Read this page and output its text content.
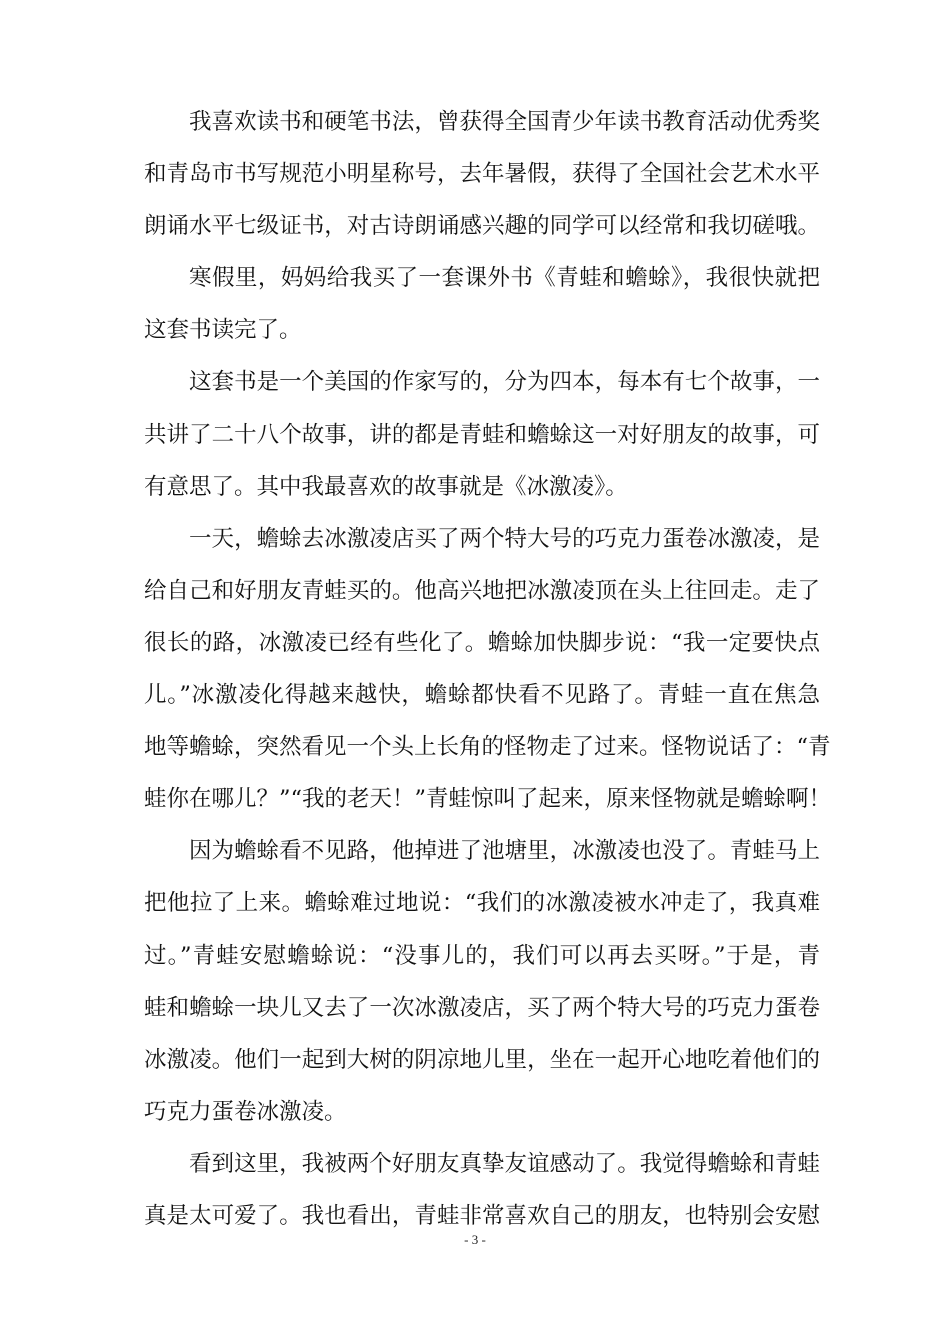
我喜欢读书和硬笔书法，曾获得全国青少年读书教育活动优秀奖
和青岛市书写规范小明星称号，去年暑假，获得了全国社会艺术水平
朗诵水平七级证书，对古诗朗诵感兴趣的同学可以经常和我切磋哦。

寒假里，妈妈给我买了一套课外书《青蛙和蟾蜍》，我很快就把
这套书读完了。

这套书是一个美国的作家写的，分为四本，每本有七个故事，一
共讲了二十八个故事，讲的都是青蛙和蟾蜍这一对好朋友的故事，可
有意思了。其中我最喜欢的故事就是《冰激凌》。

一天，蟾蜍去冰激凌店买了两个特大号的巧克力蛋卷冰激凌，是
给自己和好朋友青蛙买的。他高兴地把冰激凌顶在头上往回走。走了
很长的路，冰激凌已经有些化了。蟾蜍加快脚步说：“我一定要快点
儿。”冰激凌化得越来越快，蟾蜍都快看不见路了。青蛙一直在焦急
地等蟾蜍，突然看见一个头上长角的怪物走了过来。怪物说话了：“青
蛙你在哪儿？”“我的老天！”青蛙惊叫了起来，原来怪物就是蟾蜍啊！

因为蟾蜍看不见路，他掉进了池塘里，冰激凌也没了。青蛙马上
把他拉了上来。蟾蜍难过地说：“我们的冰激凌被水冲走了，我真难
过。”青蛙安慰蟾蜍说：“没事儿的，我们可以再去买呀。”于是，青
蛙和蟾蜍一块儿又去了一次冰激凌店，买了两个特大号的巧克力蛋卷
冰激凌。他们一起到大树的阴凉地儿里，坐在一起开心地吃着他们的
巧克力蛋卷冰激凌。

看到这里，我被两个好朋友真挚友谊感动了。我觉得蟾蜍和青蛙
真是太可爱了。我也看出，青蛙非常喜欢自己的朋友，也特别会安慰

- 3 -
